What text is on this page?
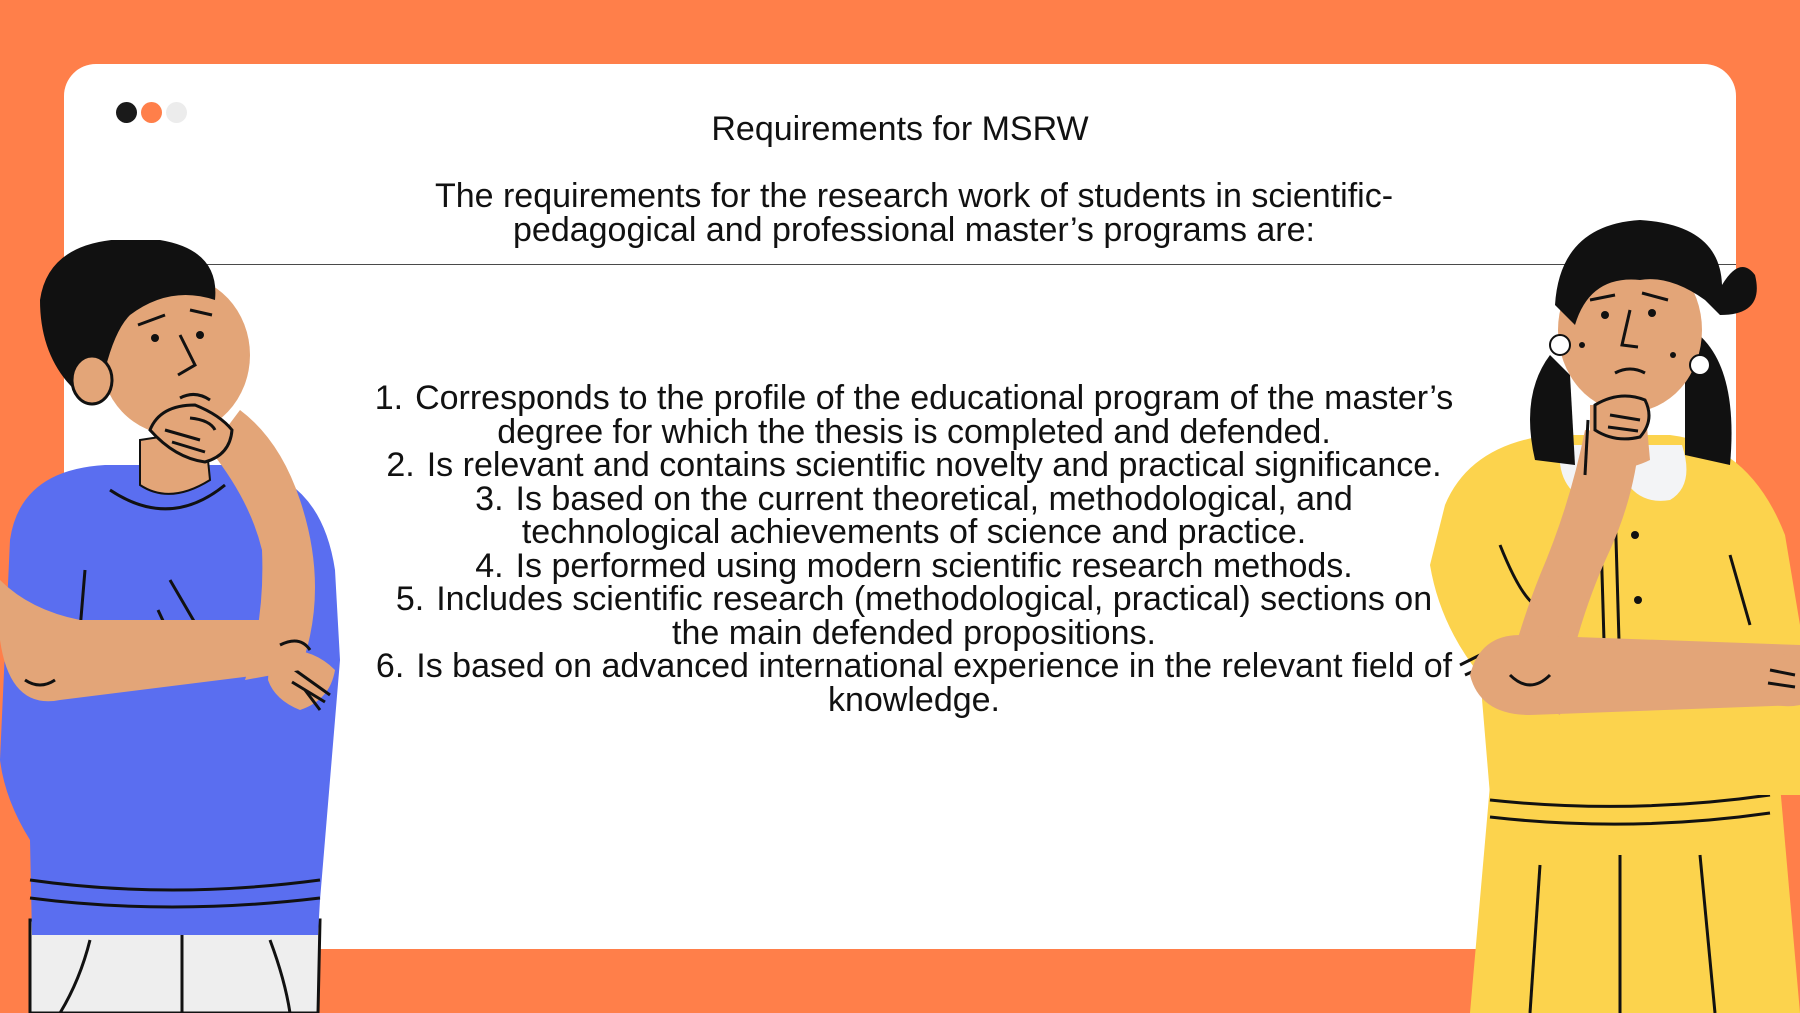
Requirements for MSRW

The requirements for the research work of students in scientific-
pedagogical and professional master’s programs are:

1. Corresponds to the profile of the educational program of the master’s degree for which the thesis is completed and defended.
2. Is relevant and contains scientific novelty and practical significance.
3. Is based on the current theoretical, methodological, and technological achievements of science and practice.
4. Is performed using modern scientific research methods.
5. Includes scientific research (methodological, practical) sections on the main defended propositions.
6. Is based on advanced international experience in the relevant field of knowledge.
